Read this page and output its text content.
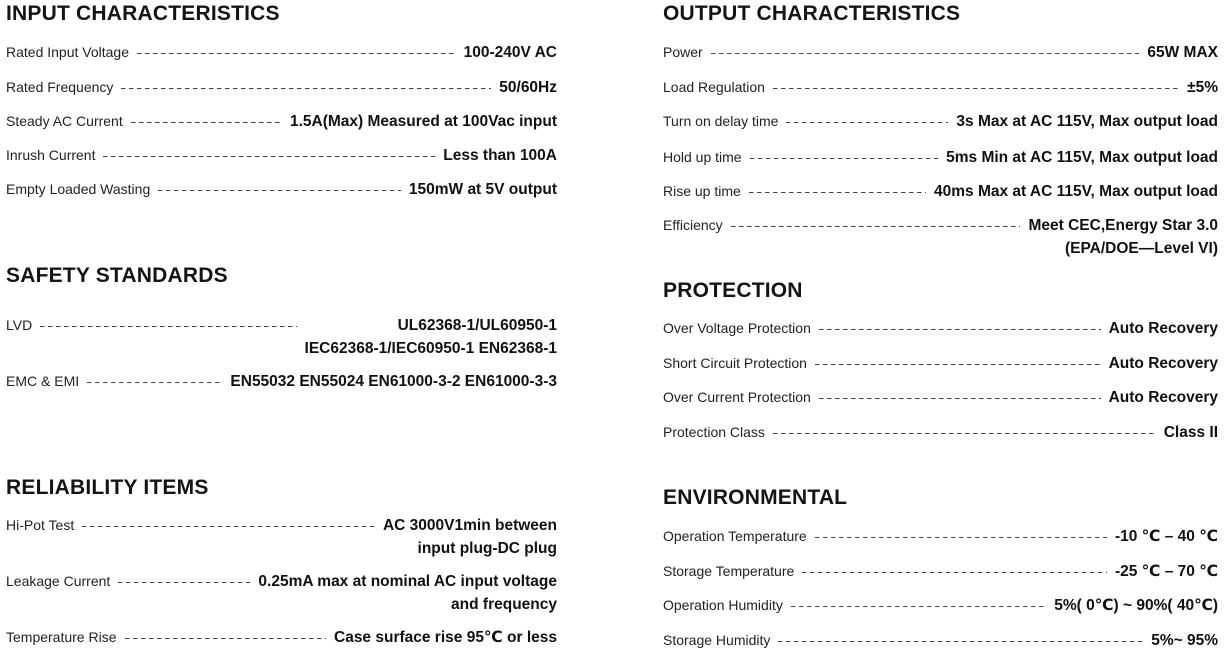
INPUT CHARACTERISTICS
Rated Input Voltage	100-240V AC
Rated Frequency	50/60Hz
Steady AC Current	1.5A(Max) Measured at 100Vac input
Inrush Current	Less than 100A
Empty Loaded Wasting	150mW at 5V output
SAFETY STANDARDS
LVD	UL62368-1/UL60950-1
IEC62368-1/IEC60950-1 EN62368-1
EMC & EMI	EN55032 EN55024 EN61000-3-2 EN61000-3-3
RELIABILITY ITEMS
Hi-Pot Test	AC 3000V1min between
input plug-DC plug
Leakage Current	0.25mA max at nominal AC input voltage
and frequency
Temperature Rise	Case surface rise 95℃ or less
OUTPUT CHARACTERISTICS
Power	65W MAX
Load Regulation	±5%
Turn on delay time	3s Max at AC 115V, Max output load
Hold up time	5ms Min at AC 115V, Max output load
Rise up time	40ms Max at AC 115V, Max output load
Efficiency	Meet CEC,Energy Star 3.0
(EPA/DOE—Level VI)
PROTECTION
Over Voltage Protection	Auto Recovery
Short Circuit Protection	Auto Recovery
Over Current Protection	Auto Recovery
Protection Class	Class II
ENVIRONMENTAL
Operation Temperature	-10 ℃ – 40 ℃
Storage Temperature	-25 ℃ – 70 ℃
Operation Humidity	5%( 0℃) ~ 90%( 40℃)
Storage Humidity	5%~ 95%
